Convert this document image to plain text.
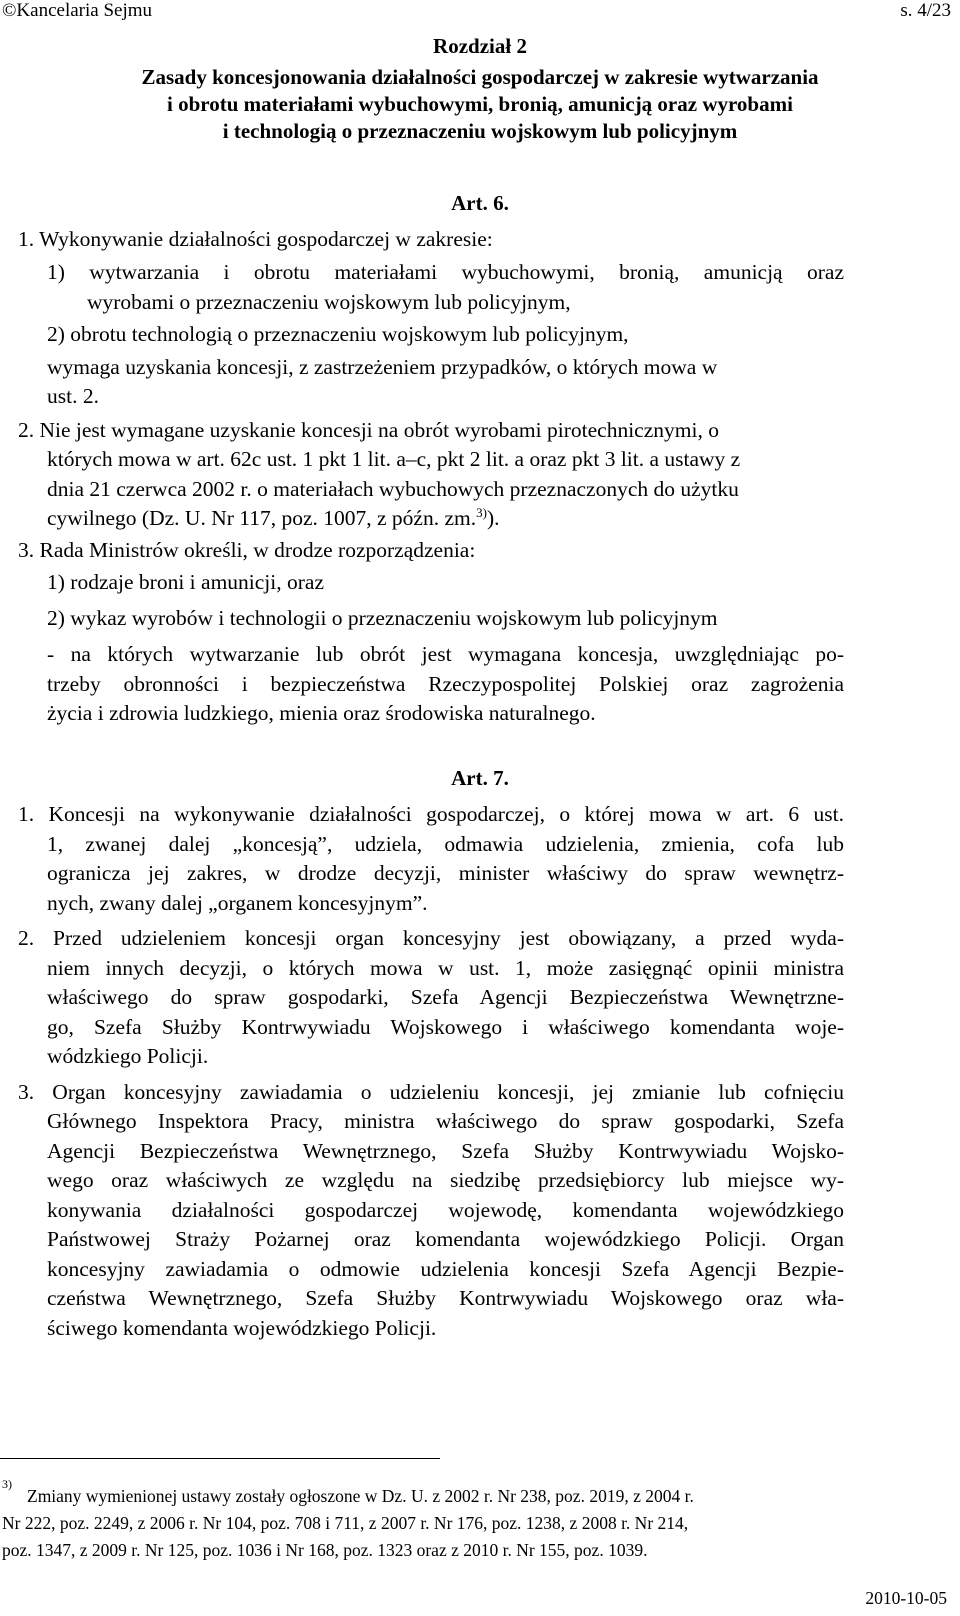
©Kancelaria Sejmu	s. 4/23
Rozdział 2
Zasady koncesjonowania działalności gospodarczej w zakresie wytwarzania
i obrotu materiałami wybuchowymi, bronią, amunicją oraz wyrobami
i technologią o przeznaczeniu wojskowym lub policyjnym
Art. 6.
1. Wykonywanie działalności gospodarczej w zakresie:
1) wytwarzania i obrotu materiałami wybuchowymi, bronią, amunicją oraz
wyrobami o przeznaczeniu wojskowym lub policyjnym,
2) obrotu technologią o przeznaczeniu wojskowym lub policyjnym,
wymaga uzyskania koncesji, z zastrzeżeniem przypadków, o których mowa w
ust. 2.
2. Nie jest wymagane uzyskanie koncesji na obrót wyrobami pirotechnicznymi, o
których mowa w art. 62c ust. 1 pkt 1 lit. a–c, pkt 2 lit. a oraz pkt 3 lit. a ustawy z
dnia 21 czerwca 2002 r. o materiałach wybuchowych przeznaczonych do użytku
cywilnego (Dz. U. Nr 117, poz. 1007, z późn. zm.$^{3)}$).
3. Rada Ministrów określi, w drodze rozporządzenia:
1) rodzaje broni i amunicji, oraz
2) wykaz wyrobów i technologii o przeznaczeniu wojskowym lub policyjnym
- na których wytwarzanie lub obrót jest wymagana koncesja, uwzględniając po-
trzeby obronności i bezpieczeństwa Rzeczypospolitej Polskiej oraz zagrożenia
życia i zdrowia ludzkiego, mienia oraz środowiska naturalnego.
Art. 7.
1. Koncesji na wykonywanie działalności gospodarczej, o której mowa w art. 6 ust.
1, zwanej dalej „koncesją”, udziela, odmawia udzielenia, zmienia, cofa lub
ogranicza jej zakres, w drodze decyzji, minister właściwy do spraw wewnętrz-
nych, zwany dalej „organem koncesyjnym”.
2. Przed udzieleniem koncesji organ koncesyjny jest obowiązany, a przed wyda-
niem innych decyzji, o których mowa w ust. 1, może zasięgnąć opinii ministra
właściwego do spraw gospodarki, Szefa Agencji Bezpieczeństwa Wewnętrzne-
go, Szefa Służby Kontrwywiadu Wojskowego i właściwego komendanta woje-
wódzkiego Policji.
3. Organ koncesyjny zawiadamia o udzieleniu koncesji, jej zmianie lub cofnięciu
Głównego Inspektora Pracy, ministra właściwego do spraw gospodarki, Szefa
Agencji Bezpieczeństwa Wewnętrznego, Szefa Służby Kontrwywiadu Wojsko-
wego oraz właściwych ze względu na siedzibę przedsiębiorcy lub miejsce wy-
konywania działalności gospodarczej wojewodę, komendanta wojewódzkiego
Państwowej Straży Pożarnej oraz komendanta wojewódzkiego Policji. Organ
koncesyjny zawiadamia o odmowie udzielenia koncesji Szefa Agencji Bezpie-
czeństwa Wewnętrznego, Szefa Służby Kontrwywiadu Wojskowego oraz wła-
ściwego komendanta wojewódzkiego Policji.
3)
Zmiany wymienionej ustawy zostały ogłoszone w Dz. U. z 2002 r. Nr 238, poz. 2019, z 2004 r.
Nr 222, poz. 2249, z 2006 r. Nr 104, poz. 708 i 711, z 2007 r. Nr 176, poz. 1238, z 2008 r. Nr 214,
poz. 1347, z 2009 r. Nr 125, poz. 1036 i Nr 168, poz. 1323 oraz z 2010 r. Nr 155, poz. 1039.
2010-10-05
